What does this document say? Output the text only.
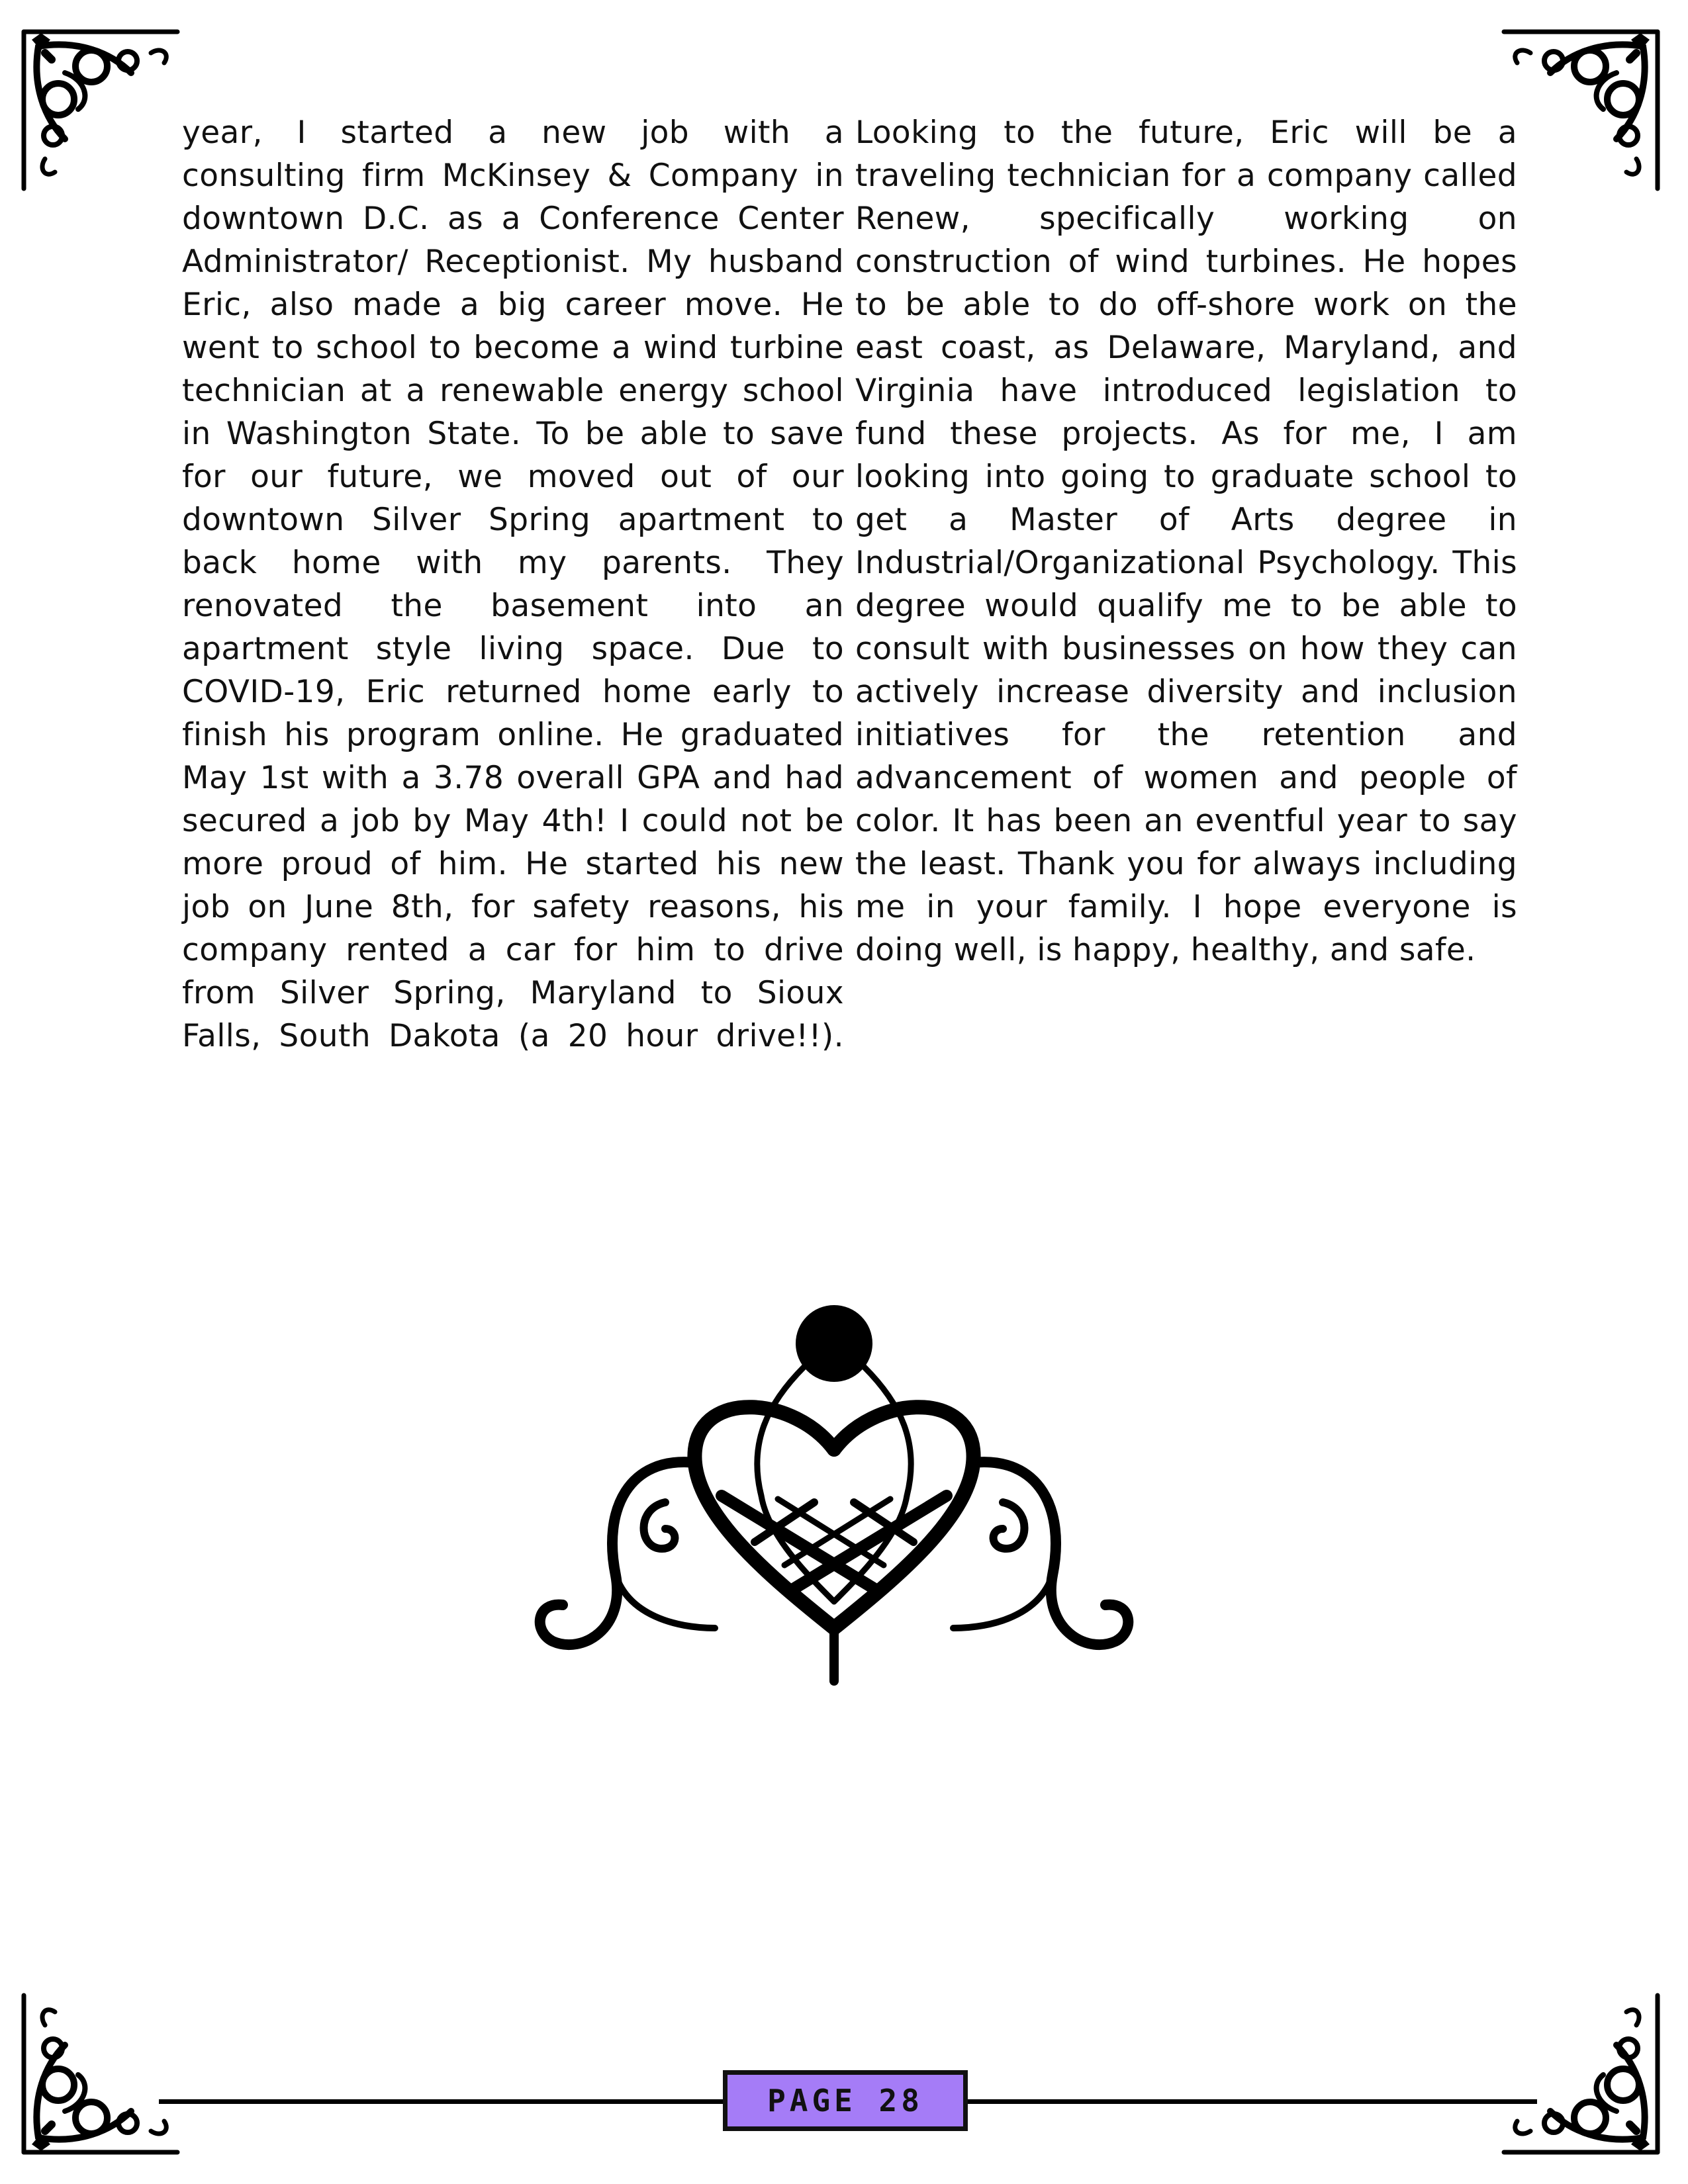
year, I started a new job with a consulting firm McKinsey & Company in downtown D.C. as a Conference Center Administrator/ Receptionist. My husband Eric, also made a big career move. He went to school to become a wind turbine technician at a renewable energy school in Washington State. To be able to save for our future, we moved out of our downtown Silver Spring apartment to back home with my parents. They renovated the basement into an apartment style living space. Due to COVID-19, Eric returned home early to finish his program online. He graduated May 1st with a 3.78 overall GPA and had secured a job by May 4th! I could not be more proud of him. He started his new job on June 8th, for safety reasons, his company rented a car for him to drive from Silver Spring, Maryland to Sioux Falls, South Dakota (a 20 hour drive!!).
Looking to the future, Eric will be a traveling technician for a company called Renew, specifically working on construction of wind turbines. He hopes to be able to do off-shore work on the east coast, as Delaware, Maryland, and Virginia have introduced legislation to fund these projects. As for me, I am looking into going to graduate school to get a Master of Arts degree in Industrial/Organizational Psychology. This degree would qualify me to be able to consult with businesses on how they can actively increase diversity and inclusion initiatives for the retention and advancement of women and people of color. It has been an eventful year to say the least. Thank you for always including me in your family. I hope everyone is doing well, is happy, healthy, and safe.
PAGE 28
